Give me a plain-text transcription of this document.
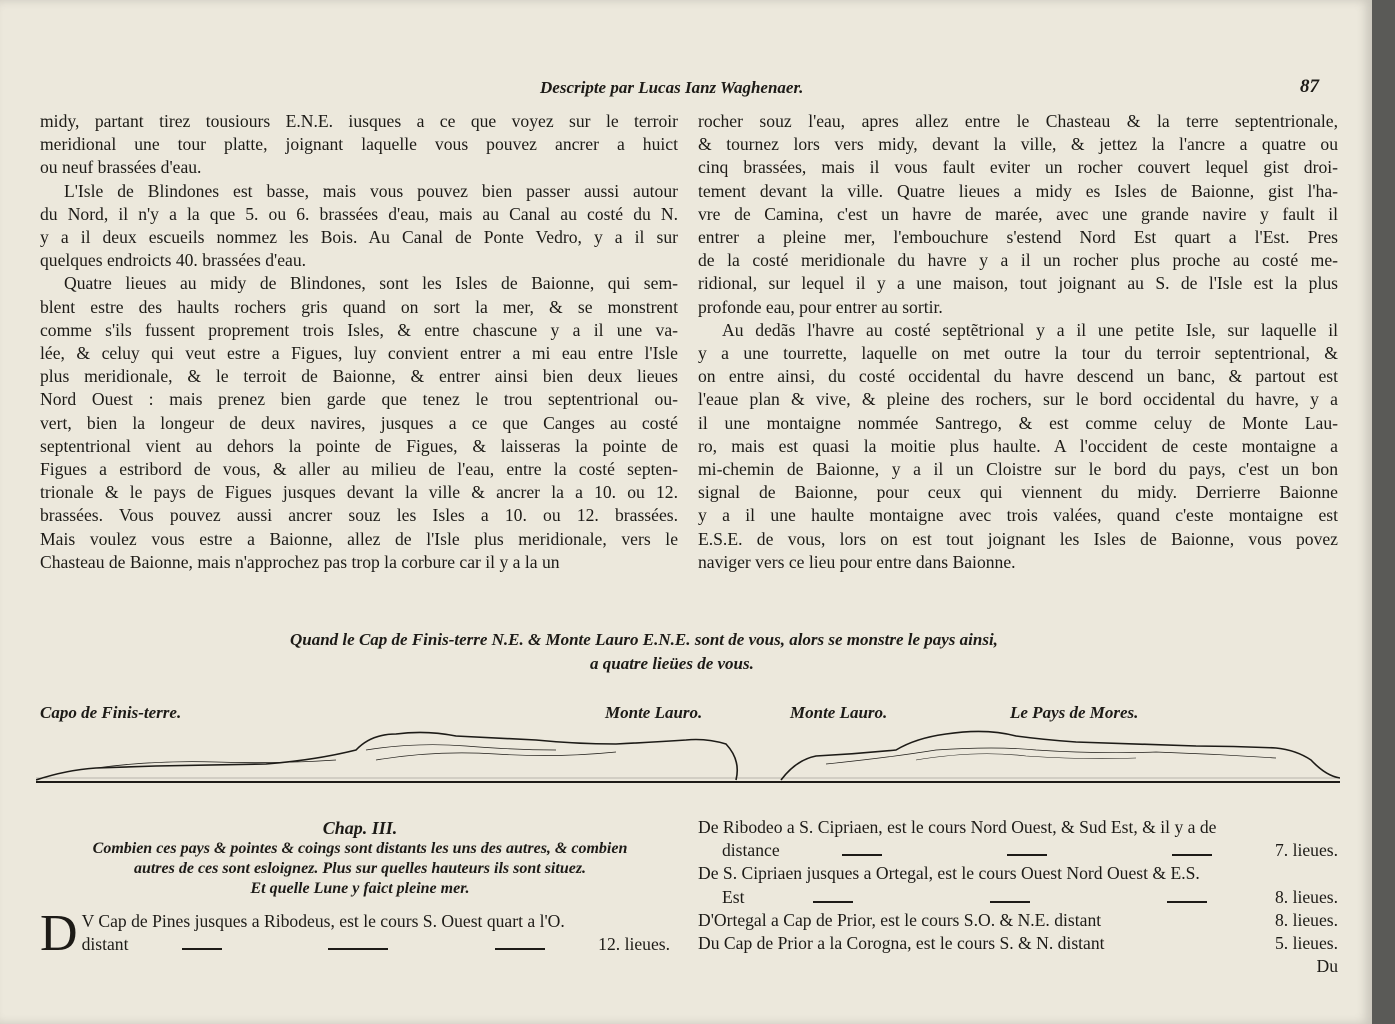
Descripte par Lucas Ianz Waghenaer.	87
midy, partant tirez tousiours E.N.E. iusques a ce que voyez sur le terroir
meridional une tour platte, joignant laquelle vous pouvez ancrer a huict
ou neuf brassées d'eau.
L'Isle de Blindones est basse, mais vous pouvez bien passer aussi autour
du Nord, il n'y a la que 5. ou 6. brassées d'eau, mais au Canal au costé du N.
y a il deux escueils nommez les Bois. Au Canal de Ponte Vedro, y a il sur
quelques endroicts 40. brassées d'eau.
Quatre lieues au midy de Blindones, sont les Isles de Baionne, qui sem-
blent estre des haults rochers gris quand on sort la mer, & se monstrent
comme s'ils fussent proprement trois Isles, & entre chascune y a il une va-
lée, & celuy qui veut estre a Figues, luy convient entrer a mi eau entre l'Isle
plus meridionale, & le terroit de Baionne, & entrer ainsi bien deux lieues
Nord Ouest : mais prenez bien garde que tenez le trou septentrional ou-
vert, bien la longeur de deux navires, jusques a ce que Canges au costé
septentrional vient au dehors la pointe de Figues, & laisseras la pointe de
Figues a estribord de vous, & aller au milieu de l'eau, entre la costé septen-
trionale & le pays de Figues jusques devant la ville & ancrer la a 10. ou 12.
brassées. Vous pouvez aussi ancrer souz les Isles a 10. ou 12. brassées.
Mais voulez vous estre a Baionne, allez de l'Isle plus meridionale, vers le
Chasteau de Baionne, mais n'approchez pas trop la corbure car il y a la un
rocher souz l'eau, apres allez entre le Chasteau & la terre septentrionale,
& tournez lors vers midy, devant la ville, & jettez la l'ancre a quatre ou
cinq brassées, mais il vous fault eviter un rocher couvert lequel gist droi-
tement devant la ville. Quatre lieues a midy es Isles de Baionne, gist l'ha-
vre de Camina, c'est un havre de marée, avec une grande navire y fault il
entrer a pleine mer, l'embouchure s'estend Nord Est quart a l'Est. Pres
de la costé meridionale du havre y a il un rocher plus proche au costé me-
ridional, sur lequel il y a une maison, tout joignant au S. de l'Isle est la plus
profonde eau, pour entrer au sortir.
Au dedãs l'havre au costé septẽtrional y a il une petite Isle, sur laquelle il
y a une tourrette, laquelle on met outre la tour du terroir septentrional, &
on entre ainsi, du costé occidental du havre descend un banc, & partout est
l'eaue plan & vive, & pleine des rochers, sur le bord occidental du havre, y a
il une montaigne nommée Santrego, & est comme celuy de Monte Lau-
ro, mais est quasi la moitie plus haulte. A l'occident de ceste montaigne a
mi-chemin de Baionne, y a il un Cloistre sur le bord du pays, c'est un bon
signal de Baionne, pour ceux qui viennent du midy. Derrierre Baionne
y a il une haulte montaigne avec trois valées, quand c'este montaigne est
E.S.E. de vous, lors on est tout joignant les Isles de Baionne, vous povez
naviger vers ce lieu pour entre dans Baionne.
Quand le Cap de Finis-terre N.E. & Monte Lauro E.N.E. sont de vous, alors se monstre le pays ainsi,
a quatre lieües de vous.
Capo de Finis-terre.	Monte Lauro.	Monte Lauro.	Le Pays de Mores.
Chap. III.
Combien ces pays & pointes & coings sont distants les uns des autres, & combien
autres de ces sont esloignez. Plus sur quelles hauteurs ils sont situez.
Et quelle Lune y faict pleine mer.
D V Cap de Pines jusques a Ribodeus, est le cours S. Ouest quart a l'O.
distant	12. lieues.
De Ribodeo a S. Cipriaen, est le cours Nord Ouest, & Sud Est, & il y a de
distance	7. lieues.
De S. Cipriaen jusques a Ortegal, est le cours Ouest Nord Ouest & E.S.
Est	8. lieues.
D'Ortegal a Cap de Prior, est le cours S.O. & N.E. distant	8. lieues.
Du Cap de Prior a la Corogna, est le cours S. & N. distant	5. lieues.
Du
